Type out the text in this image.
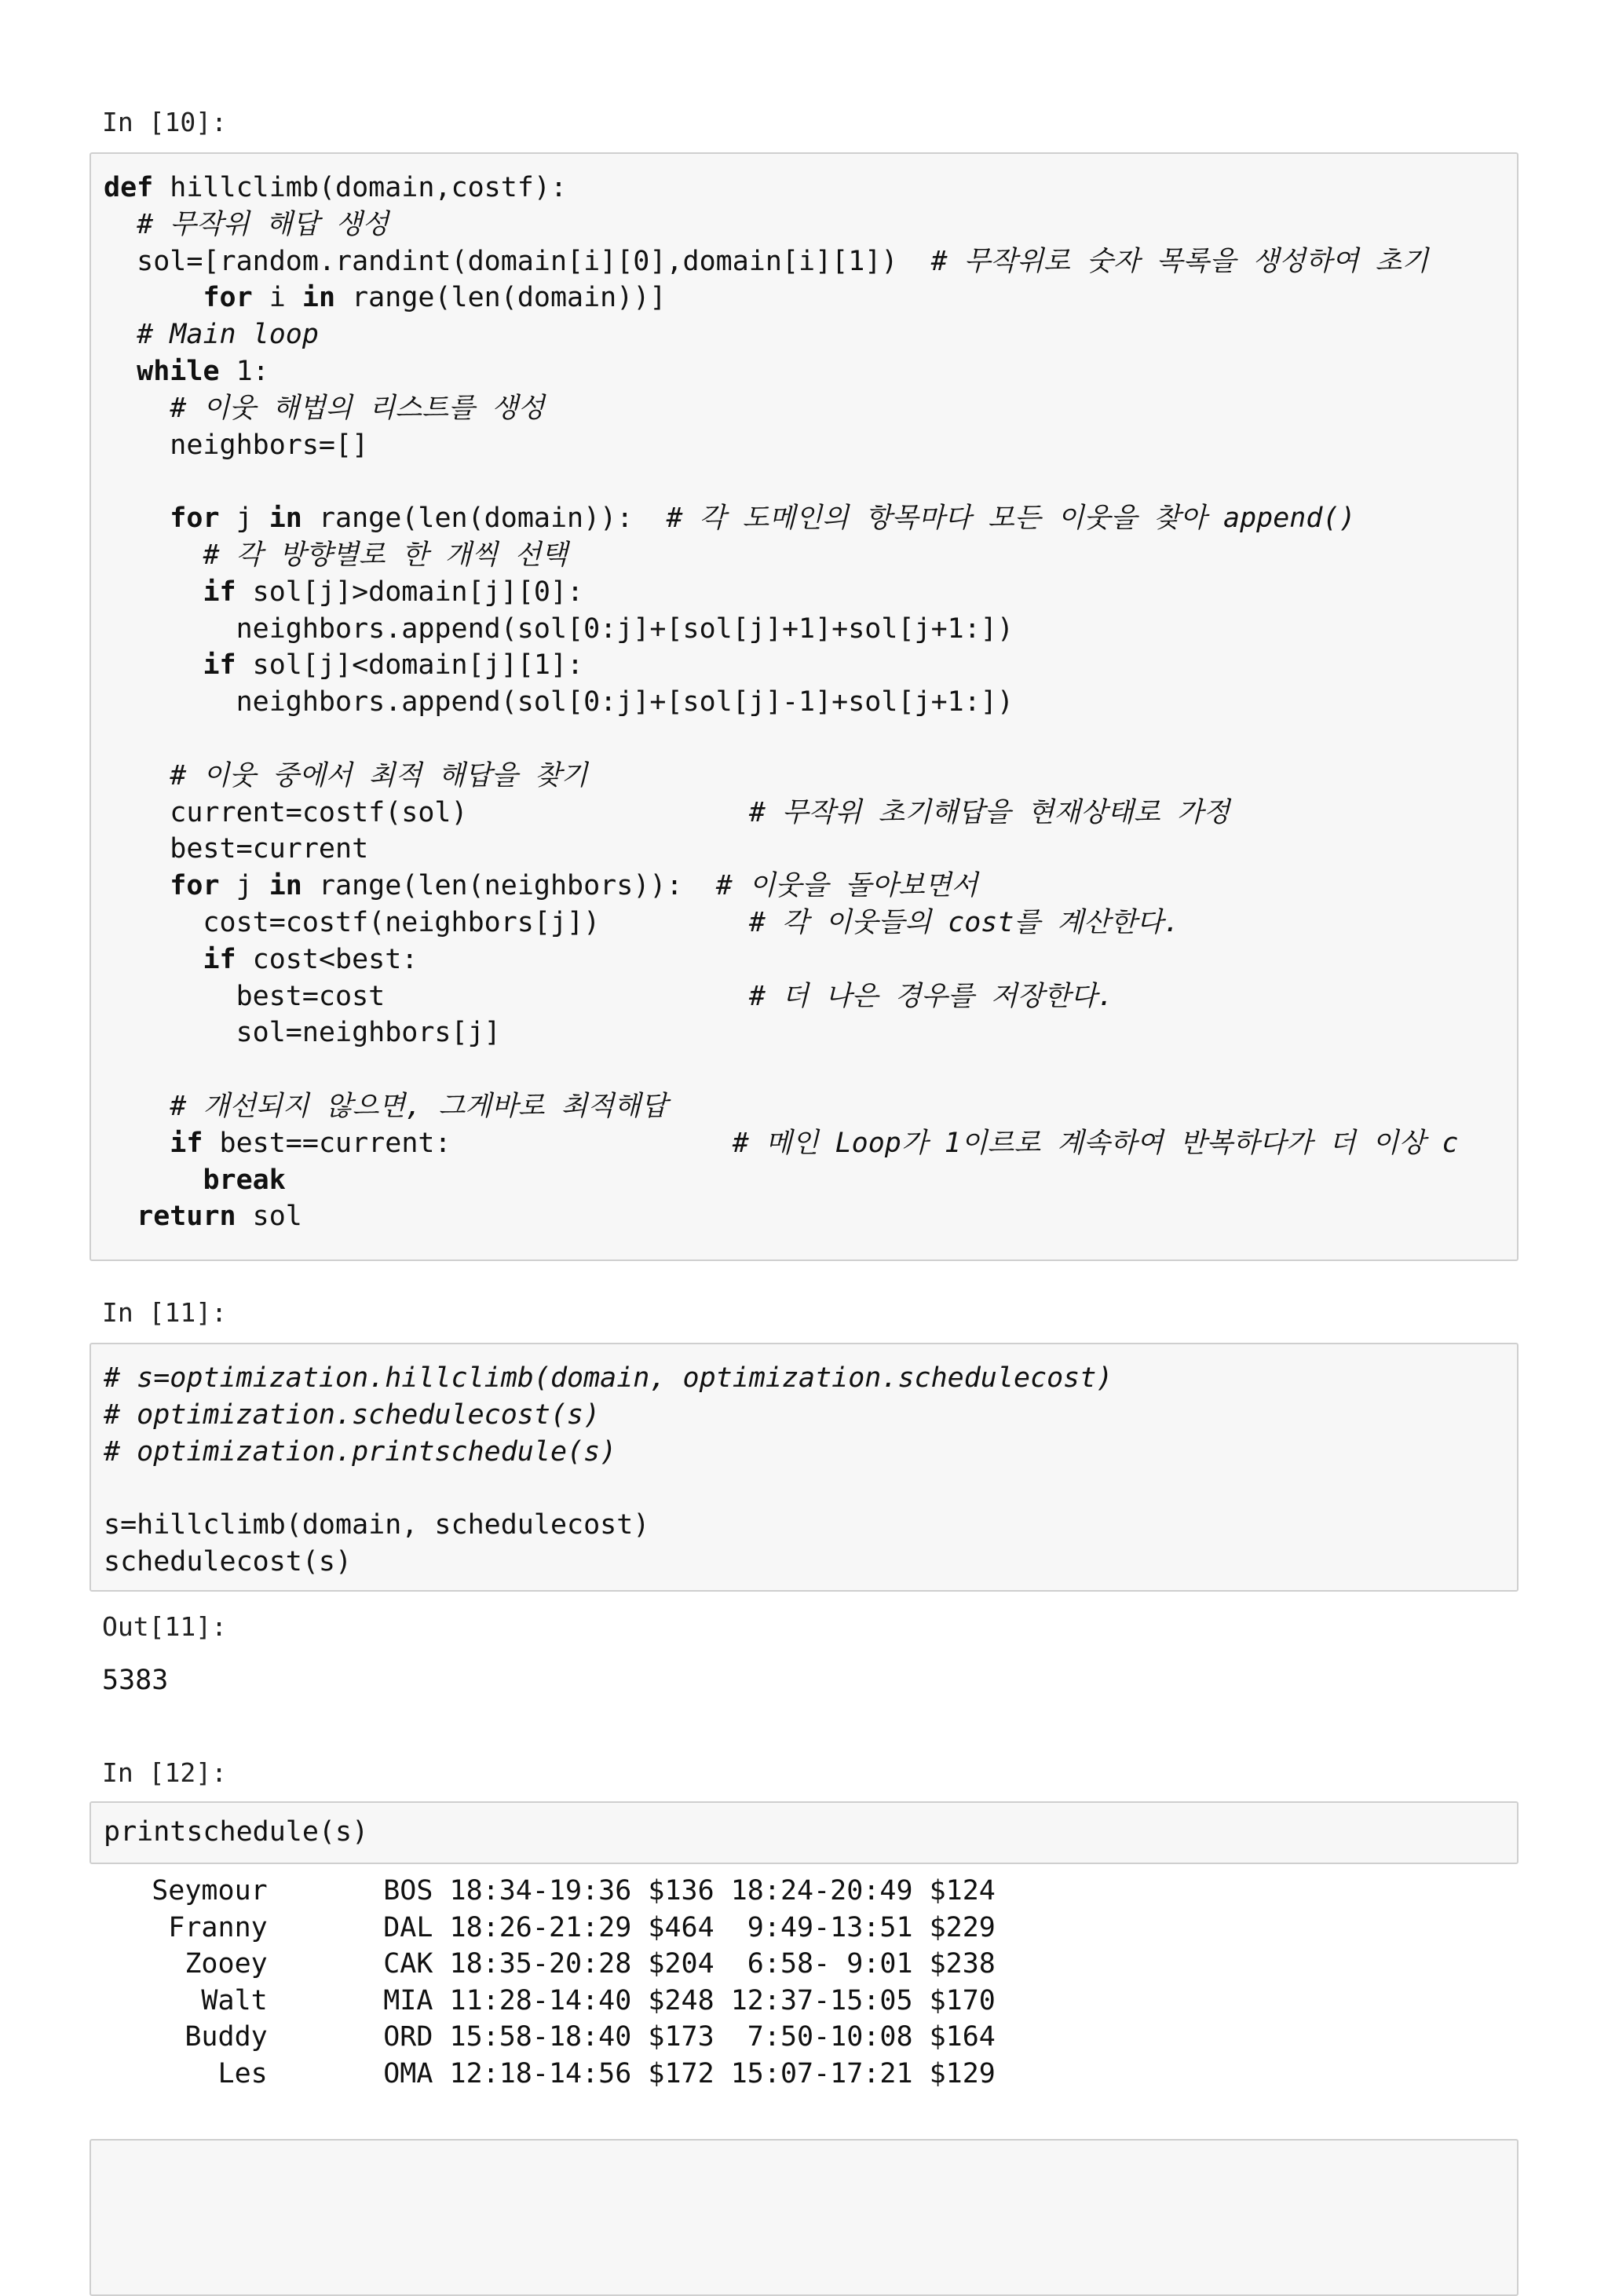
In [10]:
def hillclimb(domain,costf):
# 무작위 해답 생성
sol=[random.randint(domain[i][0],domain[i][1])  # 무작위로 숫자 목록을 생성하여 초기
for i in range(len(domain))]
# Main loop
while 1:
# 이웃 해법의 리스트를 생성
neighbors=[]

for j in range(len(domain)):  # 각 도메인의 항목마다 모든 이웃을 찾아 append()
# 각 방향별로 한 개씩 선택
if sol[j]>domain[j][0]:
neighbors.append(sol[0:j]+[sol[j]+1]+sol[j+1:])
if sol[j]<domain[j][1]:
neighbors.append(sol[0:j]+[sol[j]-1]+sol[j+1:])

# 이웃 중에서 최적 해답을 찾기
current=costf(sol)                 # 무작위 초기해답을 현재상태로 가정
best=current
for j in range(len(neighbors)):  # 이웃을 돌아보면서
cost=costf(neighbors[j])         # 각 이웃들의 cost를 계산한다.
if cost<best:
best=cost                      # 더 나은 경우를 저장한다.
sol=neighbors[j]

# 개선되지 않으면, 그게바로 최적해답
if best==current:                 # 메인 Loop가 1이르로 계속하여 반복하다가 더 이상 c
break
return sol
In [11]:
# s=optimization.hillclimb(domain, optimization.schedulecost)
# optimization.schedulecost(s)
# optimization.printschedule(s)

s=hillclimb(domain, schedulecost)
schedulecost(s)
Out[11]:
5383
In [12]:
printschedule(s)
Seymour       BOS 18:34-19:36 $136 18:24-20:49 $124
Franny       DAL 18:26-21:29 $464  9:49-13:51 $229
Zooey       CAK 18:35-20:28 $204  6:58- 9:01 $238
Walt       MIA 11:28-14:40 $248 12:37-15:05 $170
Buddy       ORD 15:58-18:40 $173  7:50-10:08 $164
Les       OMA 12:18-14:56 $172 15:07-17:21 $129
